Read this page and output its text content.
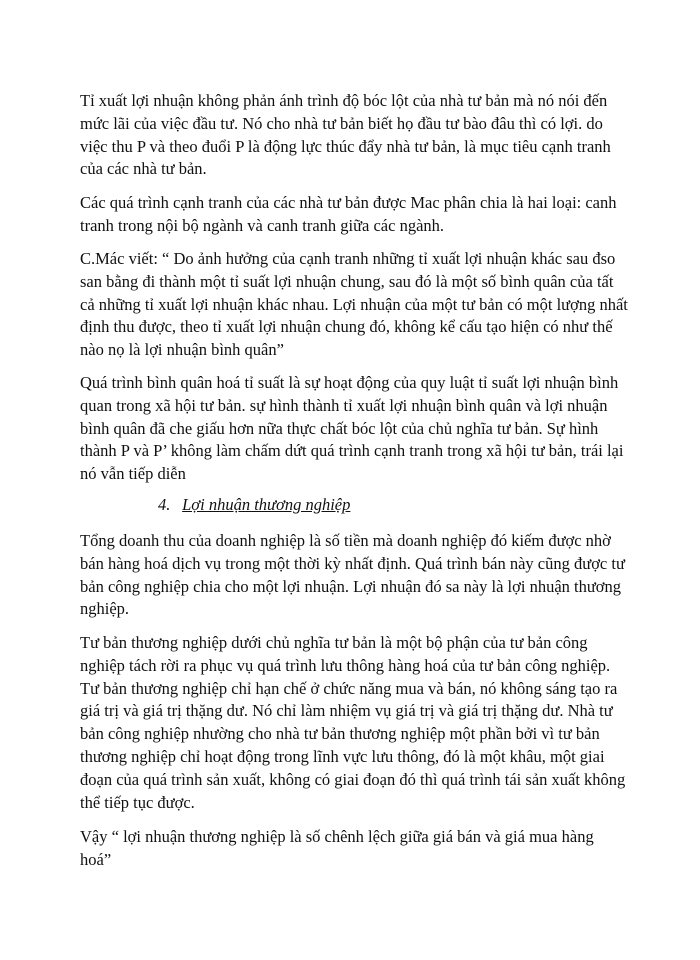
Tỉ xuất lợi nhuận không phản ánh trình độ bóc lột của nhà tư bản mà nó nói đến
mức lãi của việc đầu tư. Nó cho nhà tư bản biết họ đầu tư bào đâu thì có lợi. do
việc thu P và theo đuổi P là động lực thúc đẩy nhà tư bản, là mục tiêu cạnh tranh
của các nhà tư bản.

Các quá trình cạnh tranh của các nhà tư bản được Mac phân chia là hai loại: canh
tranh trong nội bộ ngành và canh tranh giữa các ngành.

C.Mác viết: “ Do ảnh hưởng của cạnh tranh những tỉ xuất lợi nhuận khác sau đso
san bằng đi thành một tỉ suất lợi nhuận chung, sau đó là một số bình quân của tất
cả những tỉ xuất lợi nhuận khác nhau. Lợi nhuận của một tư bản có một lượng nhất
định thu được, theo tỉ xuất lợi nhuận chung đó, không kể cấu tạo hiện có như thế
nào nọ là lợi nhuận bình quân”

Quá trình bình quân hoá tỉ suất là sự hoạt động của quy luật tỉ suất lợi nhuận bình
quan trong xã hội tư bản. sự hình thành tỉ xuất lợi nhuận bình quân và lợi nhuận
bình quân đã che giấu hơn nữa thực chất bóc lột của chủ nghĩa tư bản. Sự hình
thành P và P’ không làm chấm dứt quá trình cạnh tranh trong xã hội tư bản, trái lại
nó vẫn tiếp diễn

4. Lợi nhuận thương nghiệp

Tổng doanh thu của doanh nghiệp là số tiền mà doanh nghiệp đó kiếm được nhờ
bán hàng hoá dịch vụ trong một thời kỳ nhất định. Quá trình bán này cũng được tư
bản công nghiệp chia cho một lợi nhuận. Lợi nhuận đó sa này là lợi nhuận thương
nghiệp.

Tư bản thương nghiệp dưới chủ nghĩa tư bản là một bộ phận của tư bản công
nghiệp tách rời ra phục vụ quá trình lưu thông hàng hoá của tư bản công nghiệp.
Tư bản thương nghiệp chỉ hạn chế ở chức năng mua và bán, nó không sáng tạo ra
giá trị và giá trị thặng dư. Nó chỉ làm nhiệm vụ giá trị và giá trị thặng dư. Nhà tư
bản công nghiệp nhường cho nhà tư bản thương nghiệp một phần bởi vì tư bản
thương nghiệp chỉ hoạt động trong lĩnh vực lưu thông, đó là một khâu, một giai
đoạn của quá trình sản xuất, không có giai đoạn đó thì quá trình tái sản xuất không
thể tiếp tục được.

Vậy “ lợi nhuận thương nghiệp là số chênh lệch giữa giá bán và giá mua hàng
hoá”
